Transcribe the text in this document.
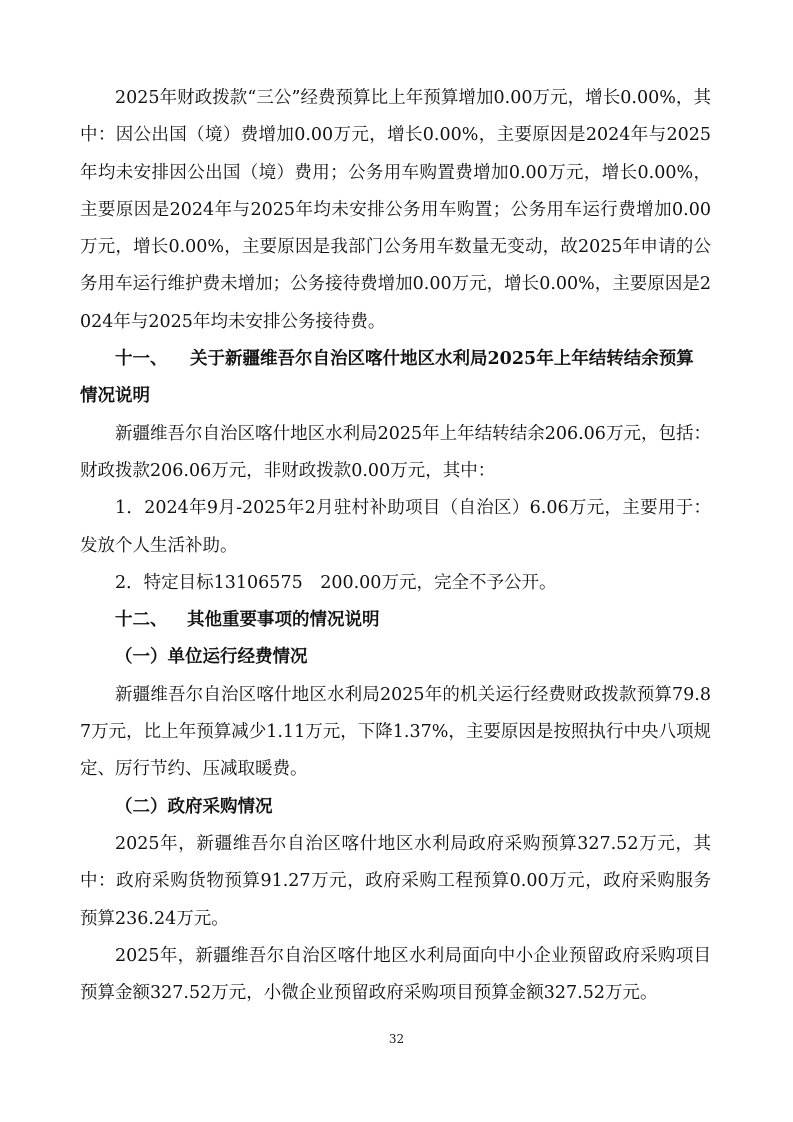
2025年财政拨款“三公”经费预算比上年预算增加0.00万元，增长0.00%，其中：因公出国（境）费增加0.00万元，增长0.00%，主要原因是2024年与2025年均未安排因公出国（境）费用；公务用车购置费增加0.00万元，增长0.00%，主要原因是2024年与2025年均未安排公务用车购置；公务用车运行费增加0.00万元，增长0.00%，主要原因是我部门公务用车数量无变动，故2025年申请的公务用车运行维护费未增加；公务接待费增加0.00万元，增长0.00%，主要原因是2024年与2025年均未安排公务接待费。

十一、 关于新疆维吾尔自治区喀什地区水利局2025年上年结转结余预算情况说明

新疆维吾尔自治区喀什地区水利局2025年上年结转结余206.06万元，包括：财政拨款206.06万元，非财政拨款0.00万元，其中：

1．2024年9月-2025年2月驻村补助项目（自治区）6.06万元，主要用于：发放个人生活补助。

2．特定目标13106575　200.00万元，完全不予公开。

十二、 其他重要事项的情况说明

（一）单位运行经费情况

新疆维吾尔自治区喀什地区水利局2025年的机关运行经费财政拨款预算79.87万元，比上年预算减少1.11万元，下降1.37%，主要原因是按照执行中央八项规定、厉行节约、压减取暖费。

（二）政府采购情况

2025年，新疆维吾尔自治区喀什地区水利局政府采购预算327.52万元，其中：政府采购货物预算91.27万元，政府采购工程预算0.00万元，政府采购服务预算236.24万元。

2025年，新疆维吾尔自治区喀什地区水利局面向中小企业预留政府采购项目预算金额327.52万元，小微企业预留政府采购项目预算金额327.52万元。

32
